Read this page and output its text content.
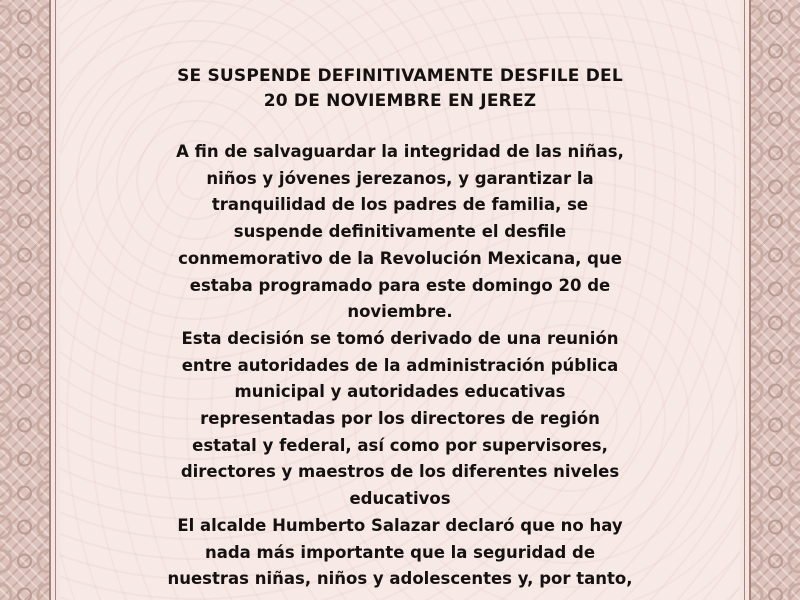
SE SUSPENDE DEFINITIVAMENTE DESFILE DEL
20 DE NOVIEMBRE EN JEREZ
A fin de salvaguardar la integridad de las niñas,
niños y jóvenes jerezanos, y garantizar la
tranquilidad de los padres de familia, se
suspende definitivamente el desfile
conmemorativo de la Revolución Mexicana, que
estaba programado para este domingo 20 de
noviembre.
Esta decisión se tomó derivado de una reunión
entre autoridades de la administración pública
municipal y autoridades educativas
representadas por los directores de región
estatal y federal, así como por supervisores,
directores y maestros de los diferentes niveles
educativos
El alcalde Humberto Salazar declaró que no hay
nada más importante que la seguridad de
nuestras niñas, niños y adolescentes y, por tanto,
